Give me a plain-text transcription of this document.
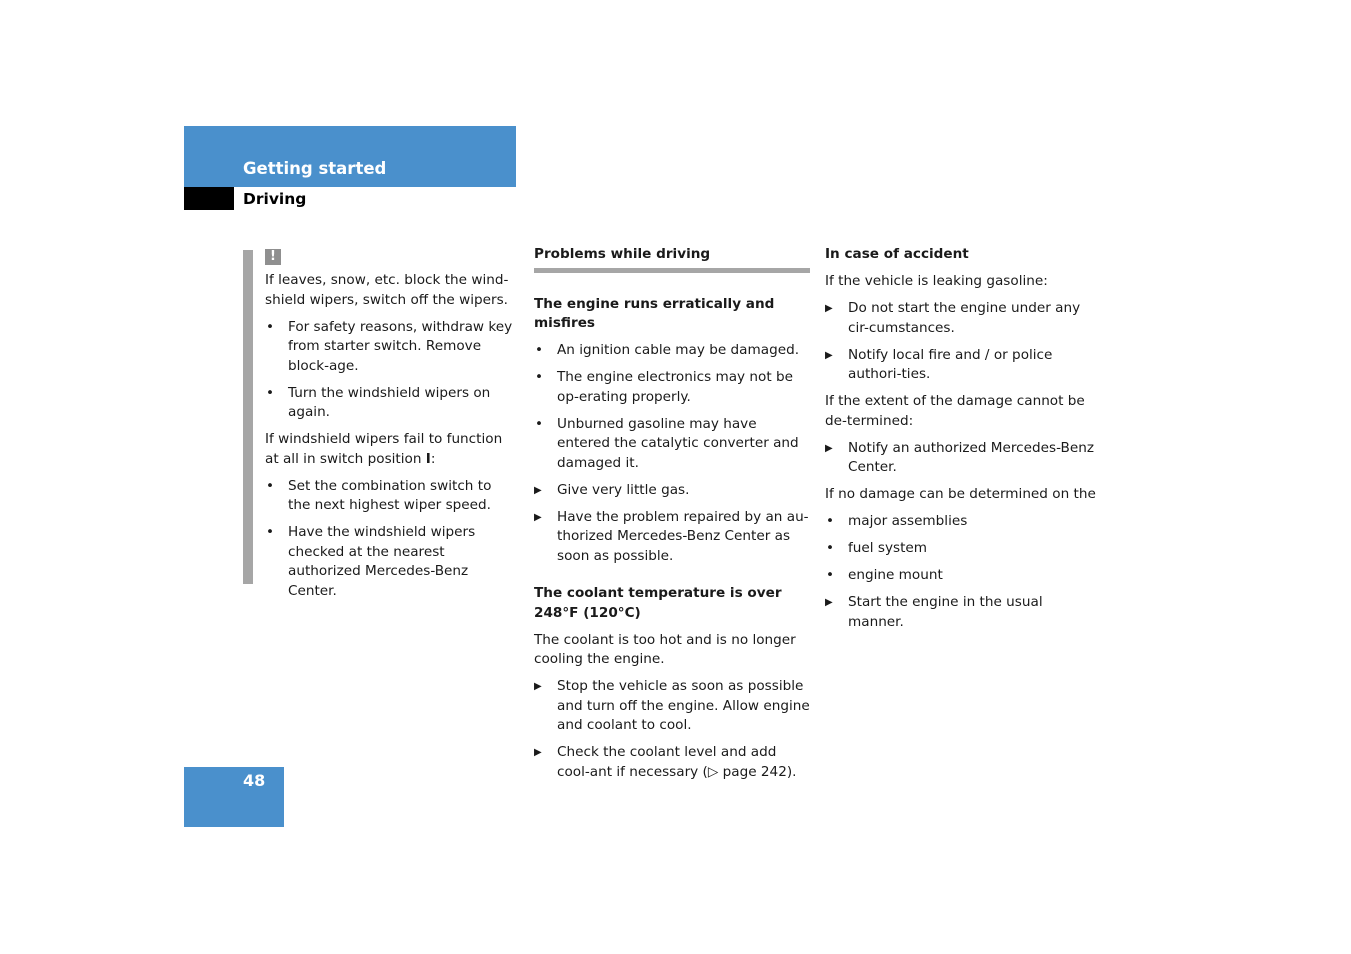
Getting started
Driving
!

If leaves, snow, etc. block the wind-shield wipers, switch off the wipers.

• For safety reasons, withdraw key from starter switch. Remove block-age.
• Turn the windshield wipers on again.

If windshield wipers fail to function at all in switch position I:

• Set the combination switch to the next highest wiper speed.
• Have the windshield wipers checked at the nearest authorized Mercedes-Benz Center.
Problems while driving
The engine runs erratically and misfires
• An ignition cable may be damaged.
• The engine electronics may not be op-erating properly.
• Unburned gasoline may have entered the catalytic converter and damaged it.
▶ Give very little gas.
▶ Have the problem repaired by an au-thorized Mercedes-Benz Center as soon as possible.
The coolant temperature is over 248°F (120°C)

The coolant is too hot and is no longer cooling the engine.

▶ Stop the vehicle as soon as possible and turn off the engine. Allow engine and coolant to cool.
▶ Check the coolant level and add cool-ant if necessary (▷ page 242).
In case of accident

If the vehicle is leaking gasoline:

▶ Do not start the engine under any cir-cumstances.
▶ Notify local fire and / or police authori-ties.

If the extent of the damage cannot be de-termined:

▶ Notify an authorized Mercedes-Benz Center.

If no damage can be determined on the

• major assemblies
• fuel system
• engine mount
▶ Start the engine in the usual manner.
48
